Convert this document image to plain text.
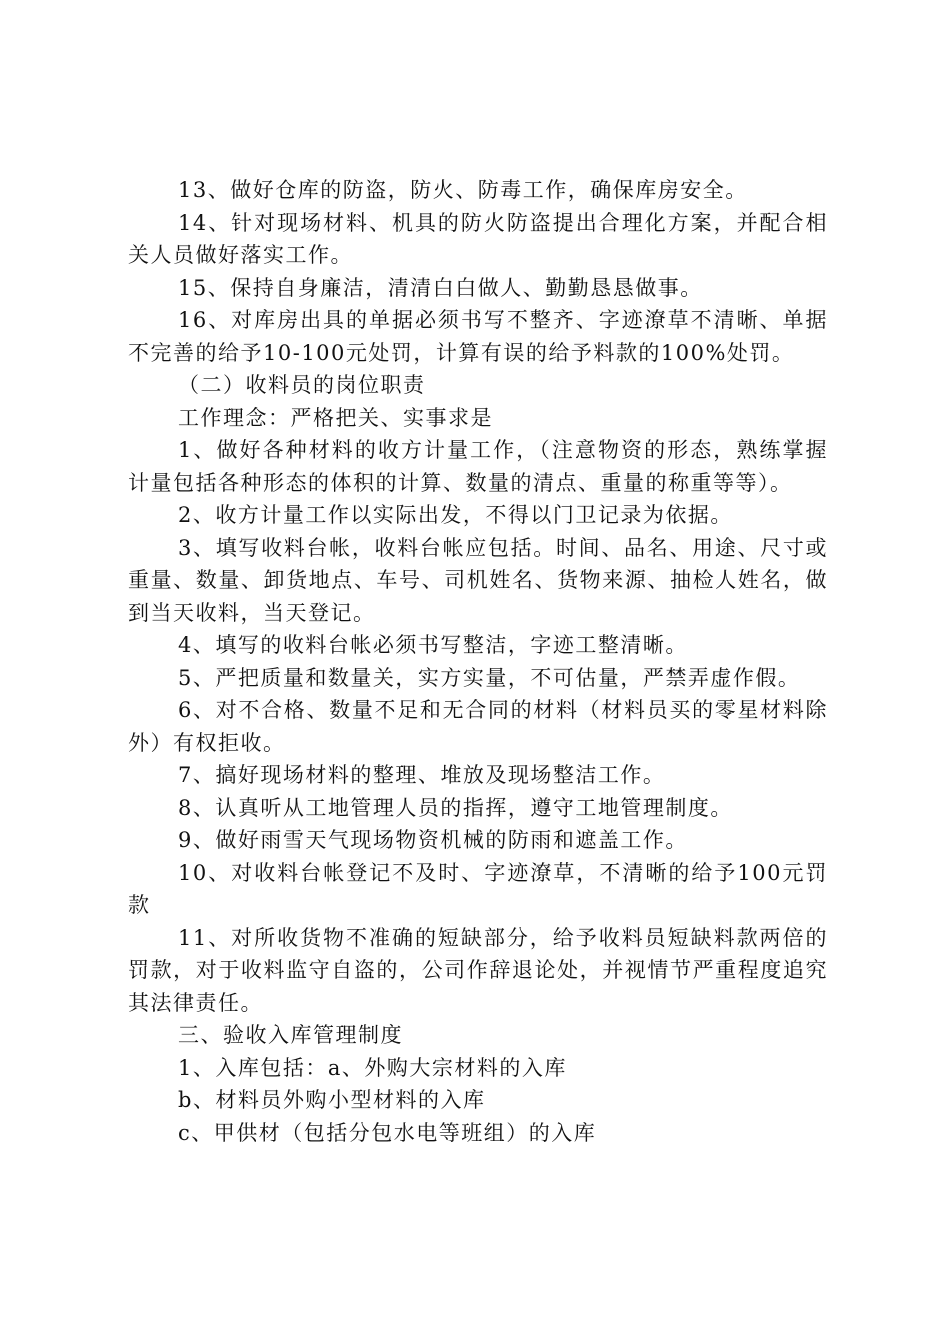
13、做好仓库的防盗，防火、防毒工作，确保库房安全。

14、针对现场材料、机具的防火防盗提出合理化方案，并配合相关人员做好落实工作。

15、保持自身廉洁，清清白白做人、勤勤恳恳做事。

16、对库房出具的单据必须书写不整齐、字迹潦草不清晰、单据不完善的给予10-100元处罚，计算有误的给予料款的100%处罚。

（二）收料员的岗位职责

工作理念：严格把关、实事求是

1、做好各种材料的收方计量工作，（注意物资的形态，熟练掌握计量包括各种形态的体积的计算、数量的清点、重量的称重等等）。

2、收方计量工作以实际出发，不得以门卫记录为依据。

3、填写收料台帐，收料台帐应包括。时间、品名、用途、尺寸或重量、数量、卸货地点、车号、司机姓名、货物来源、抽检人姓名，做到当天收料，当天登记。

4、填写的收料台帐必须书写整洁，字迹工整清晰。

5、严把质量和数量关，实方实量，不可估量，严禁弄虚作假。

6、对不合格、数量不足和无合同的材料（材料员买的零星材料除外）有权拒收。

7、搞好现场材料的整理、堆放及现场整洁工作。

8、认真听从工地管理人员的指挥，遵守工地管理制度。

9、做好雨雪天气现场物资机械的防雨和遮盖工作。

10、对收料台帐登记不及时、字迹潦草，不清晰的给予100元罚款

11、对所收货物不准确的短缺部分，给予收料员短缺料款两倍的罚款，对于收料监守自盗的，公司作辞退论处，并视情节严重程度追究其法律责任。

三、验收入库管理制度

1、入库包括：a、外购大宗材料的入库

b、材料员外购小型材料的入库

c、甲供材（包括分包水电等班组）的入库
